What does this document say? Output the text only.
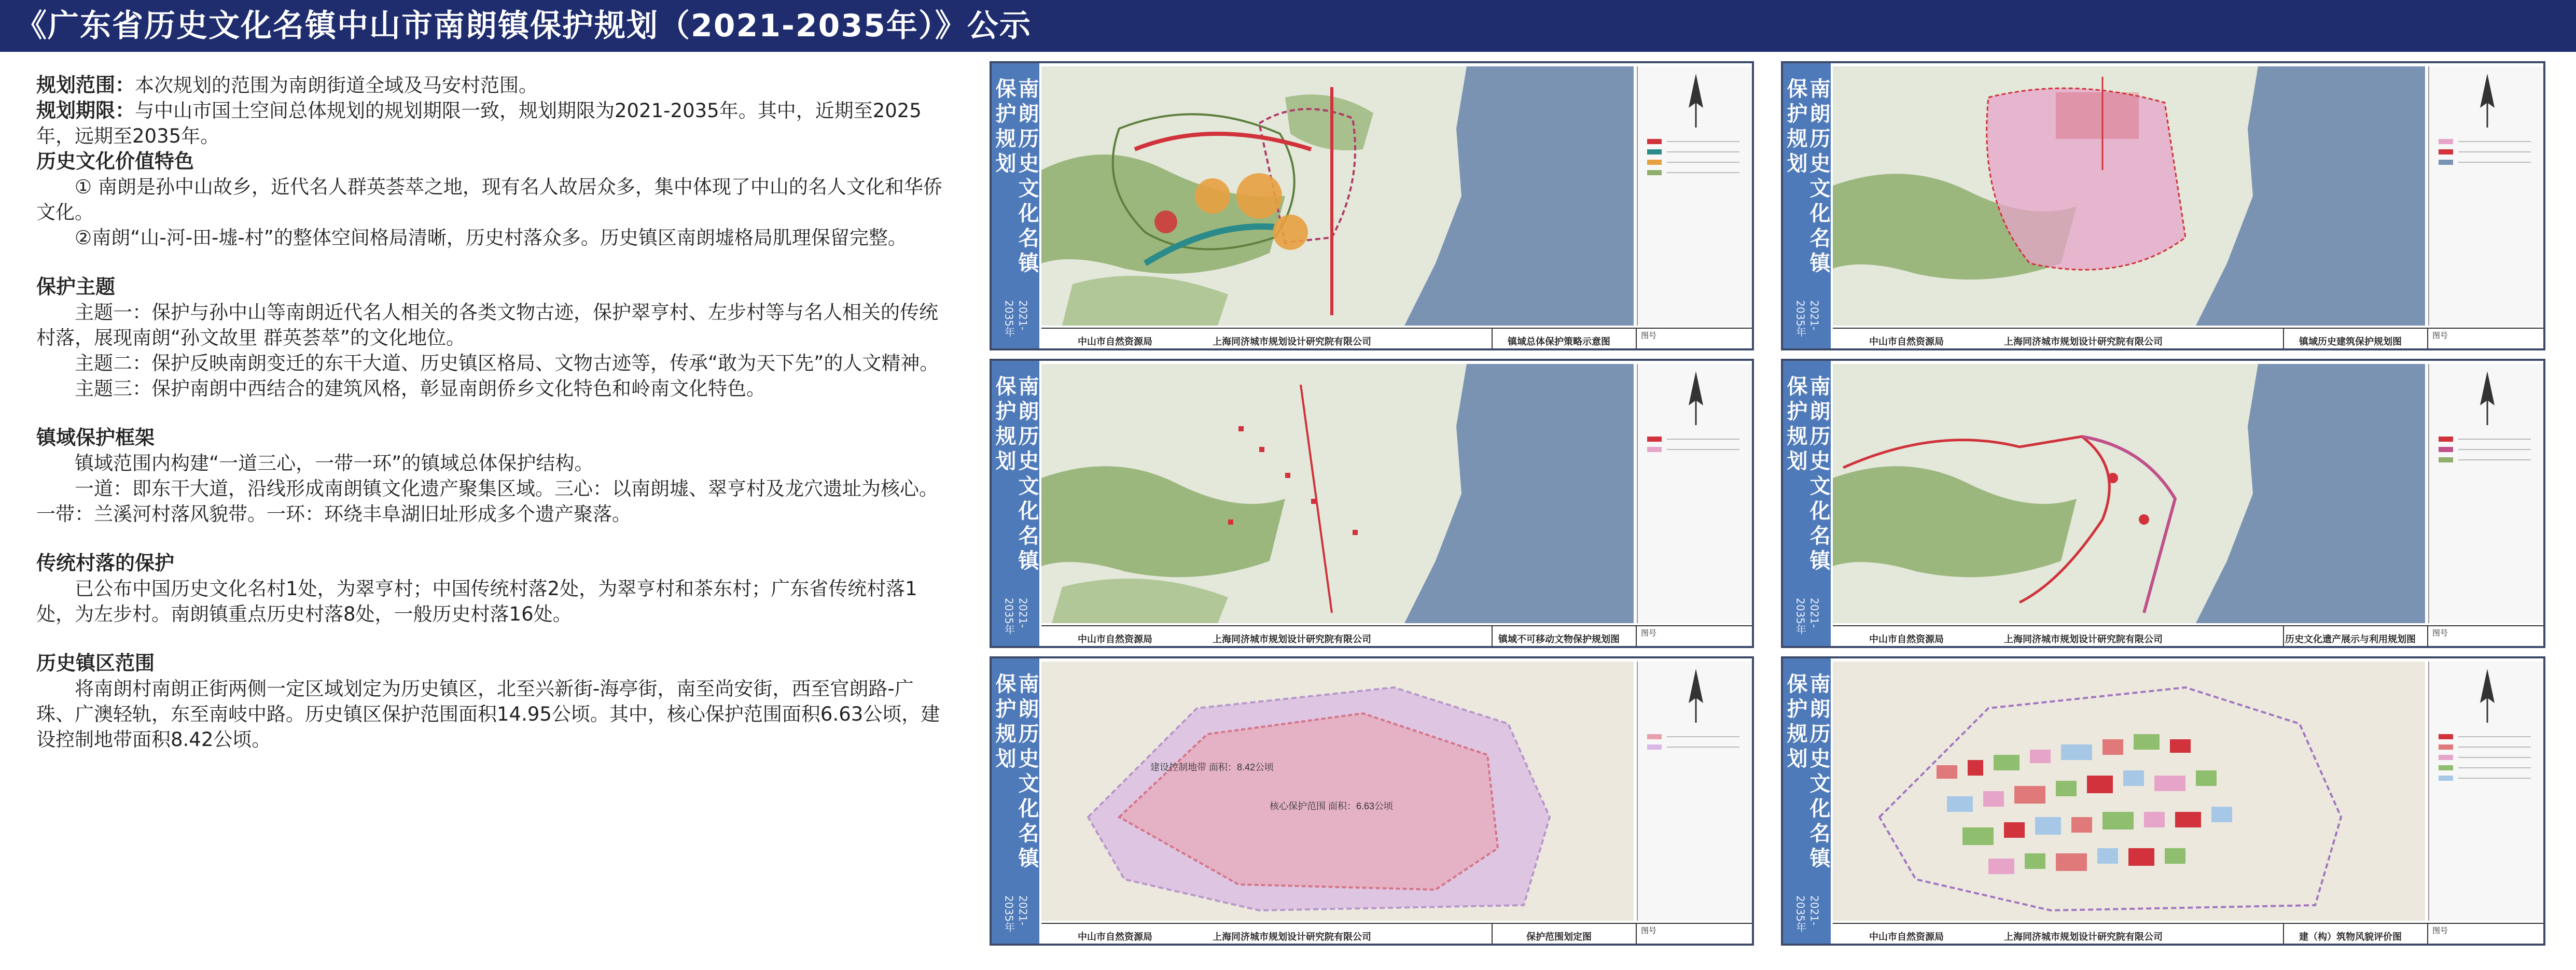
《广东省历史文化名镇中山市南朗镇保护规划（2021-2035年）》公示

规划范围：本次规划的范围为南朗街道全域及马安村范围。

规划期限：与中山市国土空间总体规划的规划期限一致，规划期限为2021-2035年。其中，近期至2025年，远期至2035年。

历史文化价值特色

① 南朗是孙中山故乡，近代名人群英荟萃之地，现有名人故居众多，集中体现了中山的名人文化和华侨文化。

②南朗“山-河-田-墟-村”的整体空间格局清晰，历史村落众多。历史镇区南朗墟格局肌理保留完整。

保护主题

主题一：保护与孙中山等南朗近代名人相关的各类文物古迹，保护翠亨村、左步村等与名人相关的传统村落，展现南朗“孙文故里 群英荟萃”的文化地位。

主题二：保护反映南朗变迁的东干大道、历史镇区格局、文物古迹等，传承“敢为天下先”的人文精神。

主题三：保护南朗中西结合的建筑风格，彰显南朗侨乡文化特色和岭南文化特色。

镇域保护框架

镇域范围内构建“一道三心，一带一环”的镇域总体保护结构。

一道：即东干大道，沿线形成南朗镇文化遗产聚集区域。三心：以南朗墟、翠亨村及龙穴遗址为核心。一带：兰溪河村落风貌带。一环：环绕丰阜湖旧址形成多个遗产聚落。

传统村落的保护

已公布中国历史文化名村1处，为翠亨村；中国传统村落2处，为翠亨村和茶东村；广东省传统村落1处，为左步村。南朗镇重点历史村落8处，一般历史村落16处。

历史镇区范围

将南朗村南朗正街两侧一定区域划定为历史镇区，北至兴新街-海亭街，南至尚安街，西至官朗路-广珠、广澳轻轨，东至南岐中路。历史镇区保护范围面积14.95公顷。其中，核心保护范围面积6.63公顷，建设控制地带面积8.42公顷。

南朗历史文化名镇保护规划
2021-2035年
中山市自然资源局	上海同济城市规划设计研究院有限公司	镇域总体保护策略示意图
图号
南朗历史文化名镇保护规划
2021-2035年
中山市自然资源局	上海同济城市规划设计研究院有限公司	镇域历史建筑保护规划图
图号
南朗历史文化名镇保护规划
2021-2035年
中山市自然资源局	上海同济城市规划设计研究院有限公司	镇域不可移动文物保护规划图
图号
南朗历史文化名镇保护规划
2021-2035年
中山市自然资源局	上海同济城市规划设计研究院有限公司	历史文化遗产展示与利用规划图
图号
南朗历史文化名镇保护规划
2021-2035年
建设控制地带 面积：8.42公顷
核心保护范围 面积：6.63公顷
中山市自然资源局	上海同济城市规划设计研究院有限公司	保护范围划定图
图号
南朗历史文化名镇保护规划
2021-2035年
中山市自然资源局	上海同济城市规划设计研究院有限公司	建（构）筑物风貌评价图
图号
